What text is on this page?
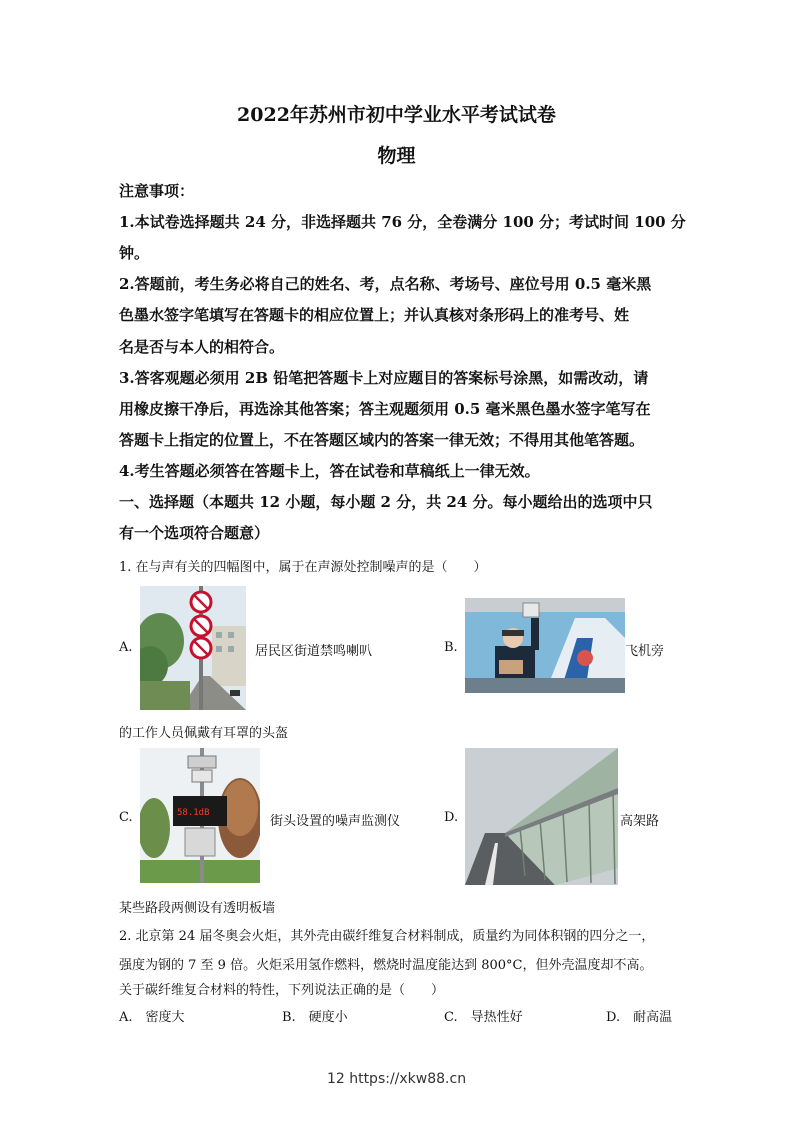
2022年苏州市初中学业水平考试试卷
物理
注意事项：
1.本试卷选择题共 24 分，非选择题共 76 分，全卷满分 100 分；考试时间 100 分
钟。
2.答题前，考生务必将自己的姓名、考，点名称、考场号、座位号用 0.5 毫米黑
色墨水签字笔填写在答题卡的相应位置上；并认真核对条形码上的准考号、姓
名是否与本人的相符合。
3.答客观题必须用 2B 铅笔把答题卡上对应题目的答案标号涂黑，如需改动，请
用橡皮擦干净后，再选涂其他答案；答主观题须用 0.5 毫米黑色墨水签字笔写在
答题卡上指定的位置上，不在答题区域内的答案一律无效；不得用其他笔答题。
4.考生答题必须答在答题卡上，答在试卷和草稿纸上一律无效。
一、选择题（本题共 12 小题，每小题 2 分，共 24 分。每小题给出的选项中只
有一个选项符合题意）
1. 在与声有关的四幅图中，属于在声源处控制噪声的是（　　）
A.	居民区街道禁鸣喇叭	B.	飞机旁
的工作人员佩戴有耳罩的头盔
C.	58.1dB
街头设置的噪声监测仪	D.	高架路
某些路段两侧设有透明板墙
2. 北京第 24 届冬奥会火炬，其外壳由碳纤维复合材料制成，质量约为同体积钢的四分之一，
强度为钢的 7 至 9 倍。火炬采用氢作燃料，燃烧时温度能达到 800°C，但外壳温度却不高。
关于碳纤维复合材料的特性，下列说法正确的是（　　）
A.　密度大	B.　硬度小	C.　导热性好	D.　耐高温
12 https://xkw88.cn
